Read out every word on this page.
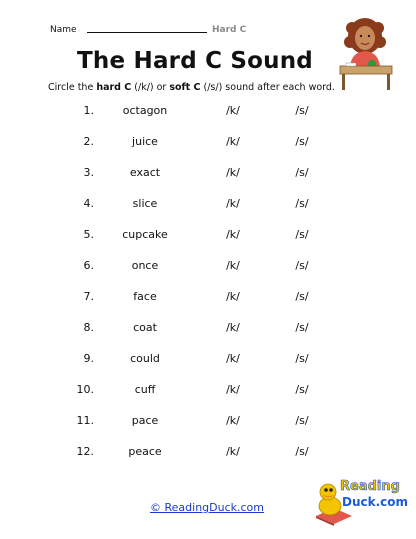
Name	Hard C
The Hard C Sound
Circle the hard C (/k/) or soft C (/s/) sound after each word.
1.	octagon	/k/	/s/
2.	juice	/k/	/s/
3.	exact	/k/	/s/
4.	slice	/k/	/s/
5.	cupcake	/k/	/s/
6.	once	/k/	/s/
7.	face	/k/	/s/
8.	coat	/k/	/s/
9.	could	/k/	/s/
10.	cuff	/k/	/s/
11.	pace	/k/	/s/
12.	peace	/k/	/s/
© ReadingDuck.com
Reading
Duck.com
